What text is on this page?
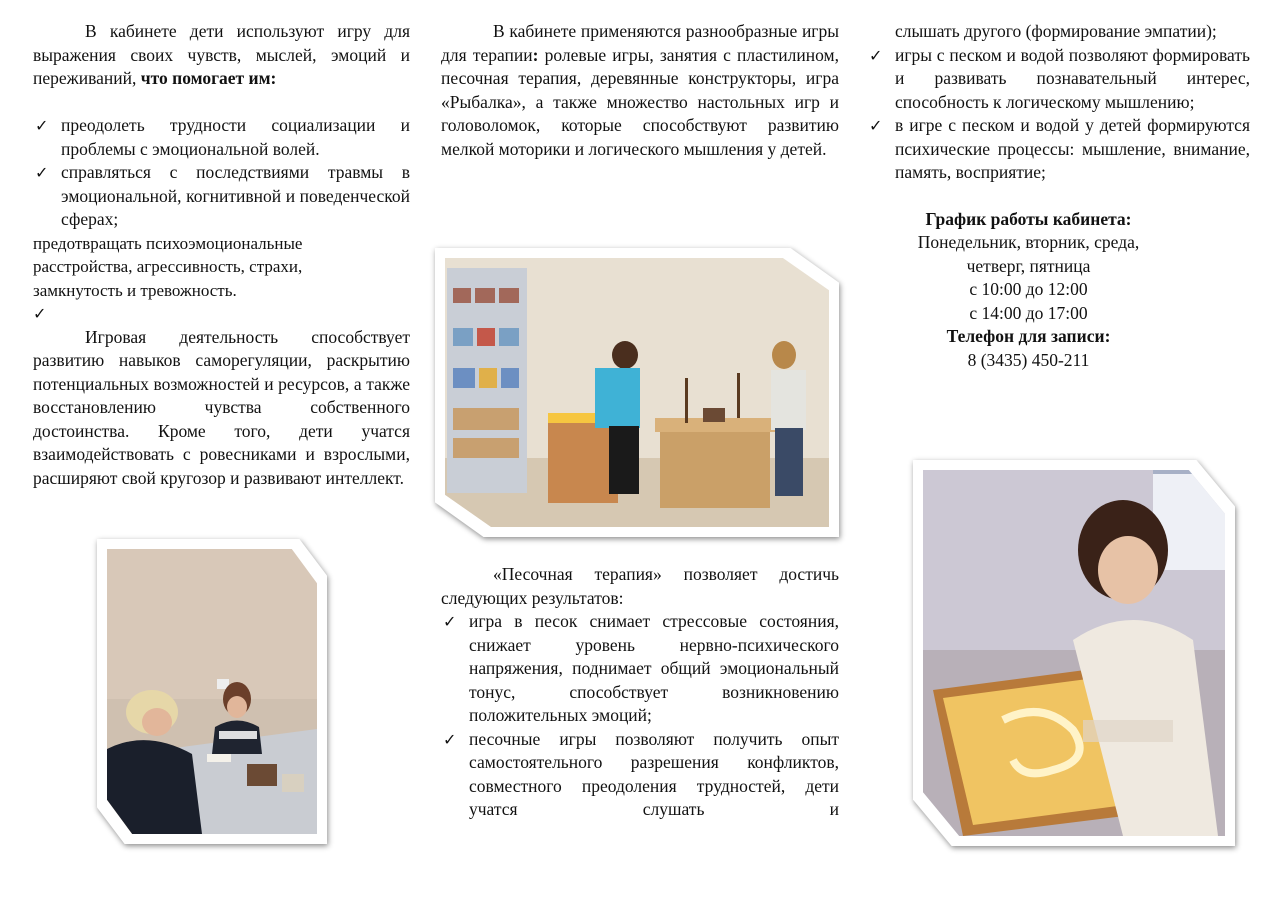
В кабинете дети используют игру для выражения своих чувств, мыслей, эмоций и переживаний, что помогает им:

✓ преодолеть трудности социализации и проблемы с эмоциональной волей.
✓ справляться с последствиями травмы в эмоциональной, когнитивной и поведенческой сферах;

предотвращать психоэмоциональные расстройства, агрессивность, страхи, замкнутость и тревожность.

✓

Игровая деятельность способствует развитию навыков саморегуляции, раскрытию потенциальных возможностей и ресурсов, а также восстановлению чувства собственного достоинства. Кроме того, дети учатся взаимодействовать с ровесниками и взрослыми, расширяют свой кругозор и развивают интеллект.

В кабинете применяются разнообразные игры для терапии: ролевые игры, занятия с пластилином, песочная терапия, деревянные конструкторы, игра «Рыбалка», а также множество настольных игр и головоломок, которые способствуют развитию мелкой моторики и логического мышления у детей.

«Песочная терапия» позволяет достичь следующих результатов:

✓ игра в песок снимает стрессовые состояния, снижает уровень нервно-психического напряжения, поднимает общий эмоциональный тонус, способствует возникновению положительных эмоций;
✓ песочные игры позволяют получить опыт самостоятельного разрешения конфликтов, совместного преодоления трудностей, дети учатся слушать и

слышать другого (формирование эмпатии);

✓ игры с песком и водой позволяют формировать и развивать познавательный интерес, способность к логическому мышлению;
✓ в игре с песком и водой у детей формируются психические процессы: мышление, внимание, память, восприятие;

График работы кабинета:

Понедельник, вторник, среда,

четверг, пятница

с 10:00 до 12:00

с 14:00 до 17:00

Телефон для записи:

8 (3435) 450-211
